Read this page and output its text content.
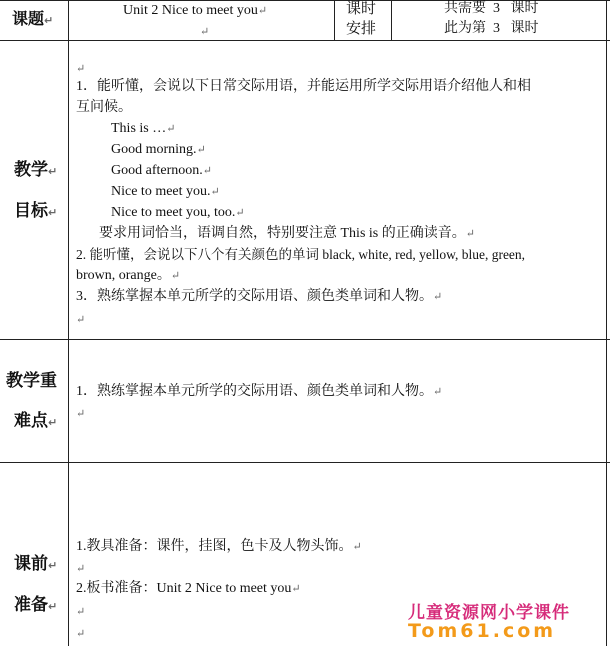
课题↵
Unit 2 Nice to meet you↵
↵
课时
安排
共需要  3   课时
此为第  3   课时
教学↵
目标↵
↵
1．能听懂，会说以下日常交际用语，并能运用所学交际用语介绍他人和相
互问候。
This is …↵
Good morning.↵
Good afternoon.↵
Nice to meet you.↵
Nice to meet you, too.↵
要求用词恰当，语调自然，特别要注意 This is 的正确读音。↵
2. 能听懂，会说以下八个有关颜色的单词 black, white, red, yellow, blue, green,
brown, orange。↵
3．熟练掌握本单元所学的交际用语、颜色类单词和人物。↵
↵
教学重
难点↵
1．熟练掌握本单元所学的交际用语、颜色类单词和人物。↵
↵
课前↵
准备↵
1.教具准备：课件，挂图，色卡及人物头饰。↵
↵
2.板书准备：Unit 2 Nice to meet you↵
↵
↵
儿童资源网小学课件
Tom61.com
